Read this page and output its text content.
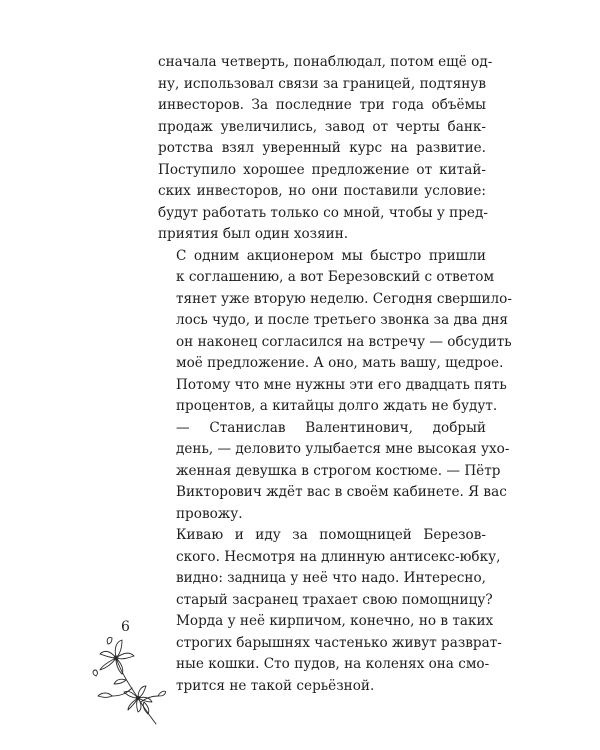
сначала четверть, понаблюдал, потом ещё од-
ну, использовал связи за границей, подтянув
инвесторов. За последние три года объёмы
продаж увеличились, завод от черты банк-
ротства взял уверенный курс на развитие.
Поступило хорошее предложение от китай-
ских инвесторов, но они поставили условие:
будут работать только со мной, чтобы у пред-
приятия был один хозяин.

С одним акционером мы быстро пришли
к соглашению, а вот Березовский с ответом
тянет уже вторую неделю. Сегодня свершило-
лось чудо, и после третьего звонка за два дня
он наконец согласился на встречу — обсудить
моё предложение. А оно, мать вашу, щедрое.
Потому что мне нужны эти его двадцать пять
процентов, а китайцы долго ждать не будут.

— Станислав Валентинович, добрый
день, — деловито улыбается мне высокая ухо-
женная девушка в строгом костюме. — Пётр
Викторович ждёт вас в своём кабинете. Я вас
провожу.

Киваю и иду за помощницей Березов-
ского. Несмотря на длинную антисекс-юбку,
видно: задница у неё что надо. Интересно,
старый засранец трахает свою помощницу?
Морда у неё кирпичом, конечно, но в таких
строгих барышнях частенько живут разврат-
ные кошки. Сто пудов, на коленях она смо-
трится не такой серьёзной.

6
